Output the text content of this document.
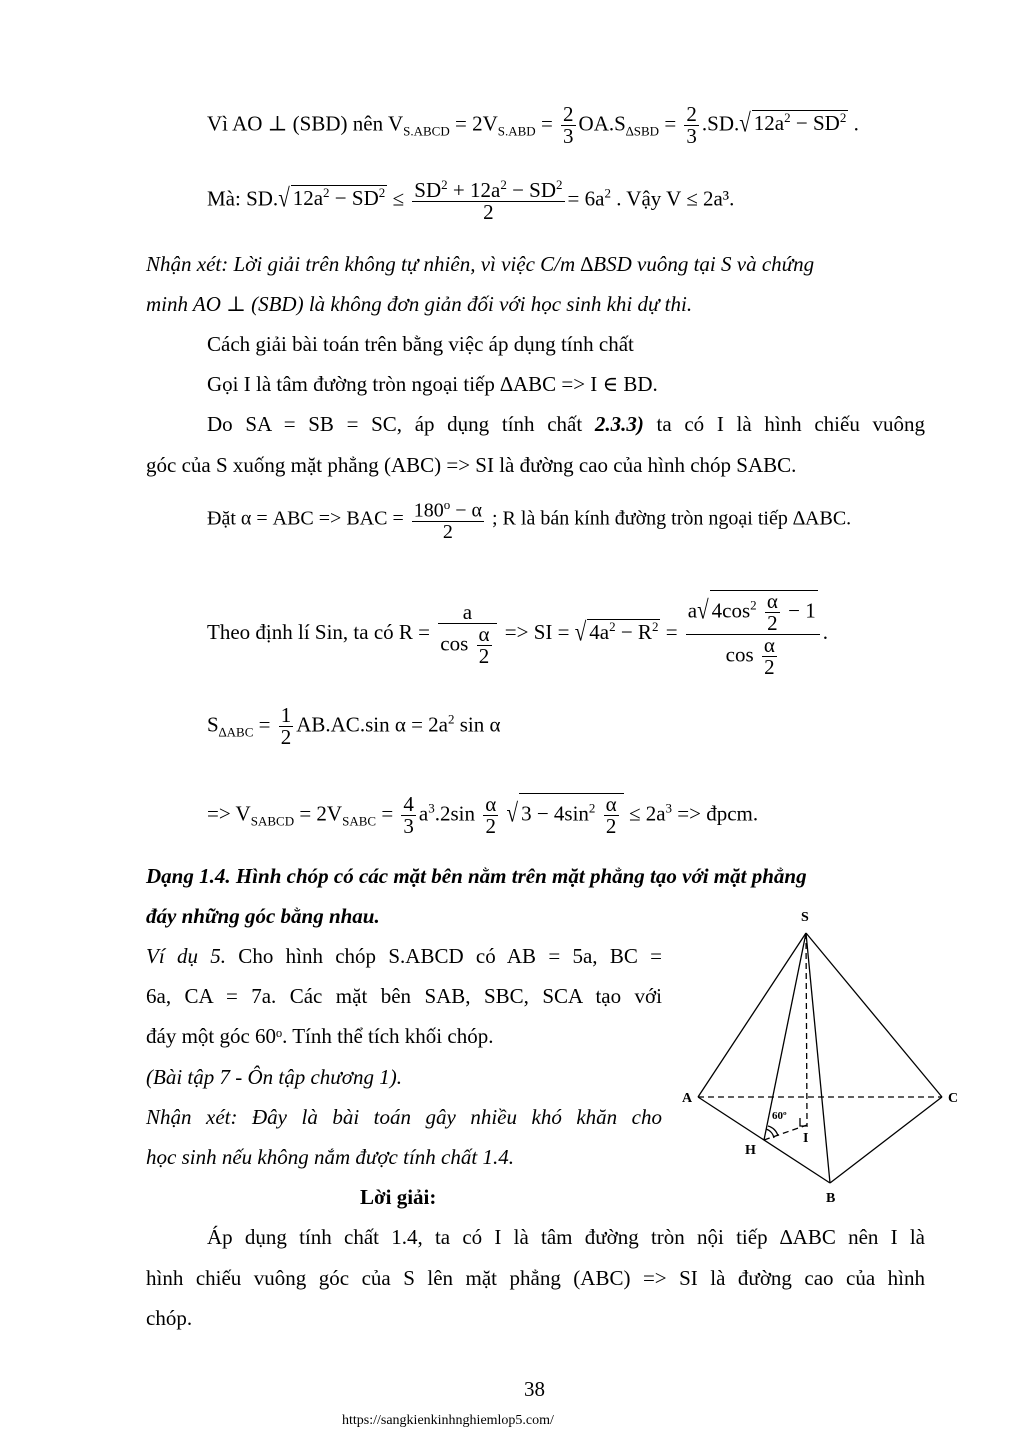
Vì AO ⊥ (SBD) nên $V_{S.ABCD} = 2V_{S.ABD} = \frac{2}{3} OA.S_{\Delta SBD} = \frac{2}{3} .SD.√$ $12a^2 - SD^2$ .
Mà: SD.√ $12a^2 - SD^2 \le \frac{SD^2 + 12a^2 - SD^2}{2} = 6a^2$ . Vậy V ≤ 2a³.
Nhận xét: Lời giải trên không tự nhiên, vì việc C/m ∆BSD vuông tại S và chứng
minh AO ⊥ (SBD) là không đơn giản đối với học sinh khi dự thi.
Cách giải bài toán trên bằng việc áp dụng tính chất
Gọi I là tâm đường tròn ngoại tiếp ∆ABC => I ∈ BD.
Do SA = SB = SC, áp dụng tính chất 2.3.3) ta có I là hình chiếu vuông
góc của S xuống mặt phẳng (ABC) => SI là đường cao của hình chóp SABC.
Đặt α = ABC => BAC = $\frac{180^o - \alpha}{2}$ ; R là bán kính đường tròn ngoại tiếp ∆ABC.
Theo định lí Sin, ta có $R = \frac{a}{\cos \frac{\alpha}{2}}$ => SI = √ $4a^2 - R^2 = \frac{a√ 4\cos^2 \frac{\alpha}{2} - 1}{\cos \frac{\alpha}{2}}$ .
$S_{\Delta ABC} = \frac{1}{2} AB.AC.\sin$ $\alpha = 2a^2$ sin α
=> $V_{SABCD} = 2V_{SABC} = \frac{4}{3} a^3.2\sin \frac{\alpha}{2}$ √ $3 - 4\sin^2 \frac{\alpha}{2} \le 2a^3$ => đpcm.
Dạng 1.4. Hình chóp có các mặt bên nằm trên mặt phẳng tạo với mặt phẳng
đáy những góc bằng nhau.
Ví dụ 5. Cho hình chóp S.ABCD có AB = 5a, BC =
6a, CA = 7a. Các mặt bên SAB, SBC, SCA tạo với
đáy một góc 60ᵒ. Tính thể tích khối chóp.
(Bài tập 7 - Ôn tập chương 1).
Nhận xét: Đây là bài toán gây nhiều khó khăn cho
học sinh nếu không nắm được tính chất 1.4.
Lời giải:
Áp dụng tính chất 1.4, ta có I là tâm đường tròn nội tiếp ∆ABC nên I là
hình chiếu vuông góc của S lên mặt phẳng (ABC) => SI là đường cao của hình
chóp.
S
A	C
B
H
I
60º
38
https://sangkienkinhnghiemlop5.com/
